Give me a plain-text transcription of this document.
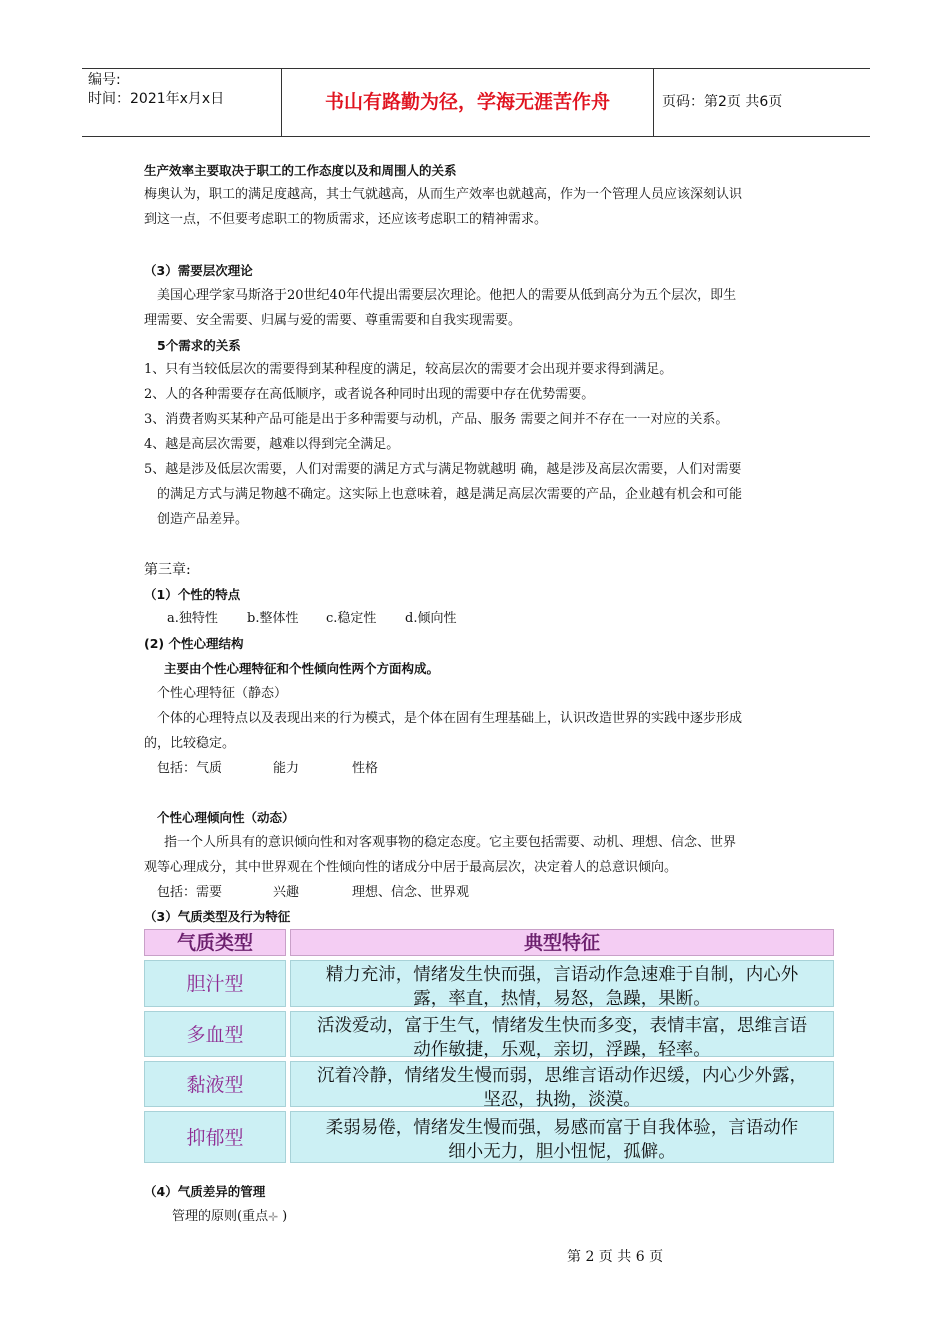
编号:
时间：2021年x月x日	书山有路勤为径，学海无涯苦作舟	页码：第2页 共6页
生产效率主要取决于职工的工作态度以及和周围人的关系
梅奥认为，职工的满足度越高，其士气就越高，从而生产效率也就越高，作为一个管理人员应该深刻认识
到这一点，不但要考虑职工的物质需求，还应该考虑职工的精神需求。
（3）需要层次理论
美国心理学家马斯洛于20世纪40年代提出需要层次理论。他把人的需要从低到高分为五个层次，即生
理需要、安全需要、归属与爱的需要、尊重需要和自我实现需要。
5个需求的关系
1、只有当较低层次的需要得到某种程度的满足，较高层次的需要才会出现并要求得到满足。
2、人的各种需要存在高低顺序，或者说各种同时出现的需要中存在优势需要。
3、消费者购买某种产品可能是出于多种需要与动机，产品、服务 需要之间并不存在一一对应的关系。
4、越是高层次需要，越难以得到完全满足。
5、越是涉及低层次需要，人们对需要的满足方式与满足物就越明 确，越是涉及高层次需要，人们对需要
的满足方式与满足物越不确定。这实际上也意味着，越是满足高层次需要的产品，企业越有机会和可能
创造产品差异。
第三章:
（1）个性的特点
a.独特性 b.整体性 c.稳定性 d.倾向性
(2) 个性心理结构
主要由个性心理特征和个性倾向性两个方面构成。
个性心理特征（静态）
个体的心理特点以及表现出来的行为模式，是个体在固有生理基础上，认识改造世界的实践中逐步形成
的，比较稳定。
包括：气质	能力	性格
个性心理倾向性（动态）
指一个人所具有的意识倾向性和对客观事物的稳定态度。它主要包括需要、动机、理想、信念、世界
观等心理成分，其中世界观在个性倾向性的诸成分中居于最高层次，决定着人的总意识倾向。
包括：需要	兴趣	理想、信念、世界观
（3）气质类型及行为特征
气质类型	典型特征
胆汁型	精力充沛，情绪发生快而强，言语动作急速难于自制，内心外
露，率直，热情，易怒，急躁，果断。
多血型	活泼爱动，富于生气，情绪发生快而多变，表情丰富，思维言语
动作敏捷，乐观，亲切，浮躁，轻率。
黏液型	沉着冷静，情绪发生慢而弱，思维言语动作迟缓，内心少外露，
坚忍，执拗，淡漠。
抑郁型	柔弱易倦，情绪发生慢而强，易感而富于自我体验，言语动作
细小无力，胆小忸怩，孤僻。
（4）气质差异的管理
管理的原则(重点✛ )
第 2 页 共 6 页
